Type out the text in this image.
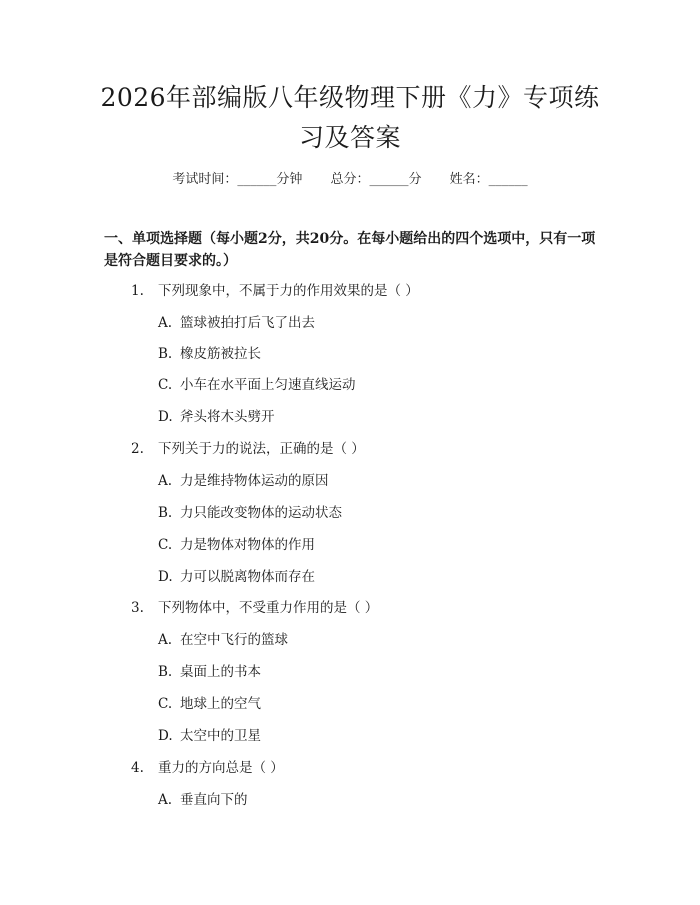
2026年部编版八年级物理下册《力》专项练
习及答案
考试时间：______分钟 总分：______分 姓名：______
一、单项选择题（每小题2分，共20分。在每小题给出的四个选项中，只有一项
是符合题目要求的。）
1. 下列现象中，不属于力的作用效果的是（ ）
A. 篮球被拍打后飞了出去
B. 橡皮筋被拉长
C. 小车在水平面上匀速直线运动
D. 斧头将木头劈开
2. 下列关于力的说法，正确的是（ ）
A. 力是维持物体运动的原因
B. 力只能改变物体的运动状态
C. 力是物体对物体的作用
D. 力可以脱离物体而存在
3. 下列物体中，不受重力作用的是（ ）
A. 在空中飞行的篮球
B. 桌面上的书本
C. 地球上的空气
D. 太空中的卫星
4. 重力的方向总是（ ）
A. 垂直向下的
